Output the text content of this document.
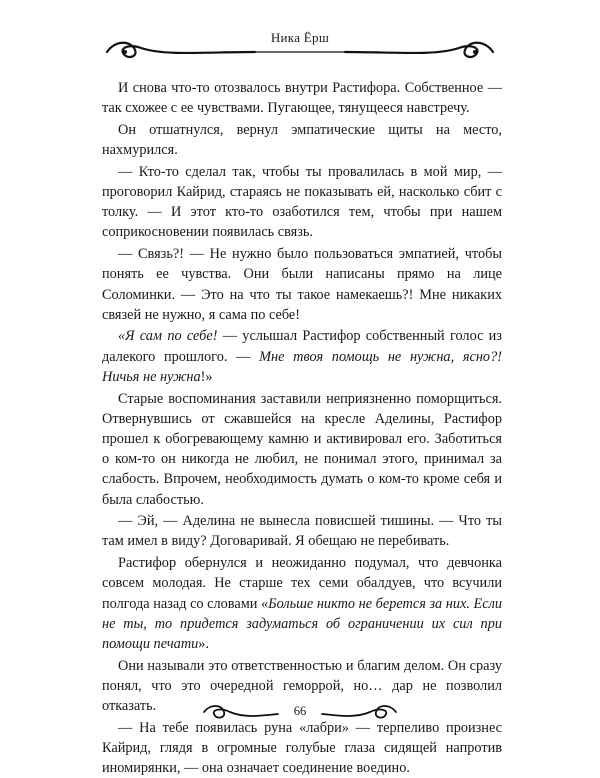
Ника Ёрш

И снова что-то отозвалось внутри Растифора. Собственное — так схожее с ее чувствами. Пугающее, тянущееся навстречу.

Он отшатнулся, вернул эмпатические щиты на место, нахмурился.

— Кто-то сделал так, чтобы ты провалилась в мой мир, — проговорил Кайрид, стараясь не показывать ей, насколько сбит с толку. — И этот кто-то озаботился тем, чтобы при нашем соприкосновении появилась связь.

— Связь?! — Не нужно было пользоваться эмпатией, чтобы понять ее чувства. Они были написаны прямо на лице Соломинки. — Это на что ты такое намекаешь?! Мне никаких связей не нужно, я сама по себе!

«Я сам по себе! — услышал Растифор собственный голос из далекого прошлого. — Мне твоя помощь не нужна, ясно?! Ничья не нужна!»

Старые воспоминания заставили неприязненно поморщиться. Отвернувшись от сжавшейся на кресле Аделины, Растифор прошел к обогревающему камню и активировал его. Заботиться о ком-то он никогда не любил, не понимал этого, принимал за слабость. Впрочем, необходимость думать о ком-то кроме себя и была слабостью.

— Эй, — Аделина не вынесла повисшей тишины. — Что ты там имел в виду? Договаривай. Я обещаю не перебивать.

Растифор обернулся и неожиданно подумал, что девчонка совсем молодая. Не старше тех семи обалдуев, что всучили полгода назад со словами «Больше никто не берется за них. Если не ты, то придется задуматься об ограничении их сил при помощи печати».

Они называли это ответственностью и благим делом. Он сразу понял, что это очередной геморрой, но… дар не позволил отказать.

— На тебе появилась руна «лабри» — терпеливо произнес Кайрид, глядя в огромные голубые глаза сидящей напротив иномирянки, — она означает соединение воедино.

66
